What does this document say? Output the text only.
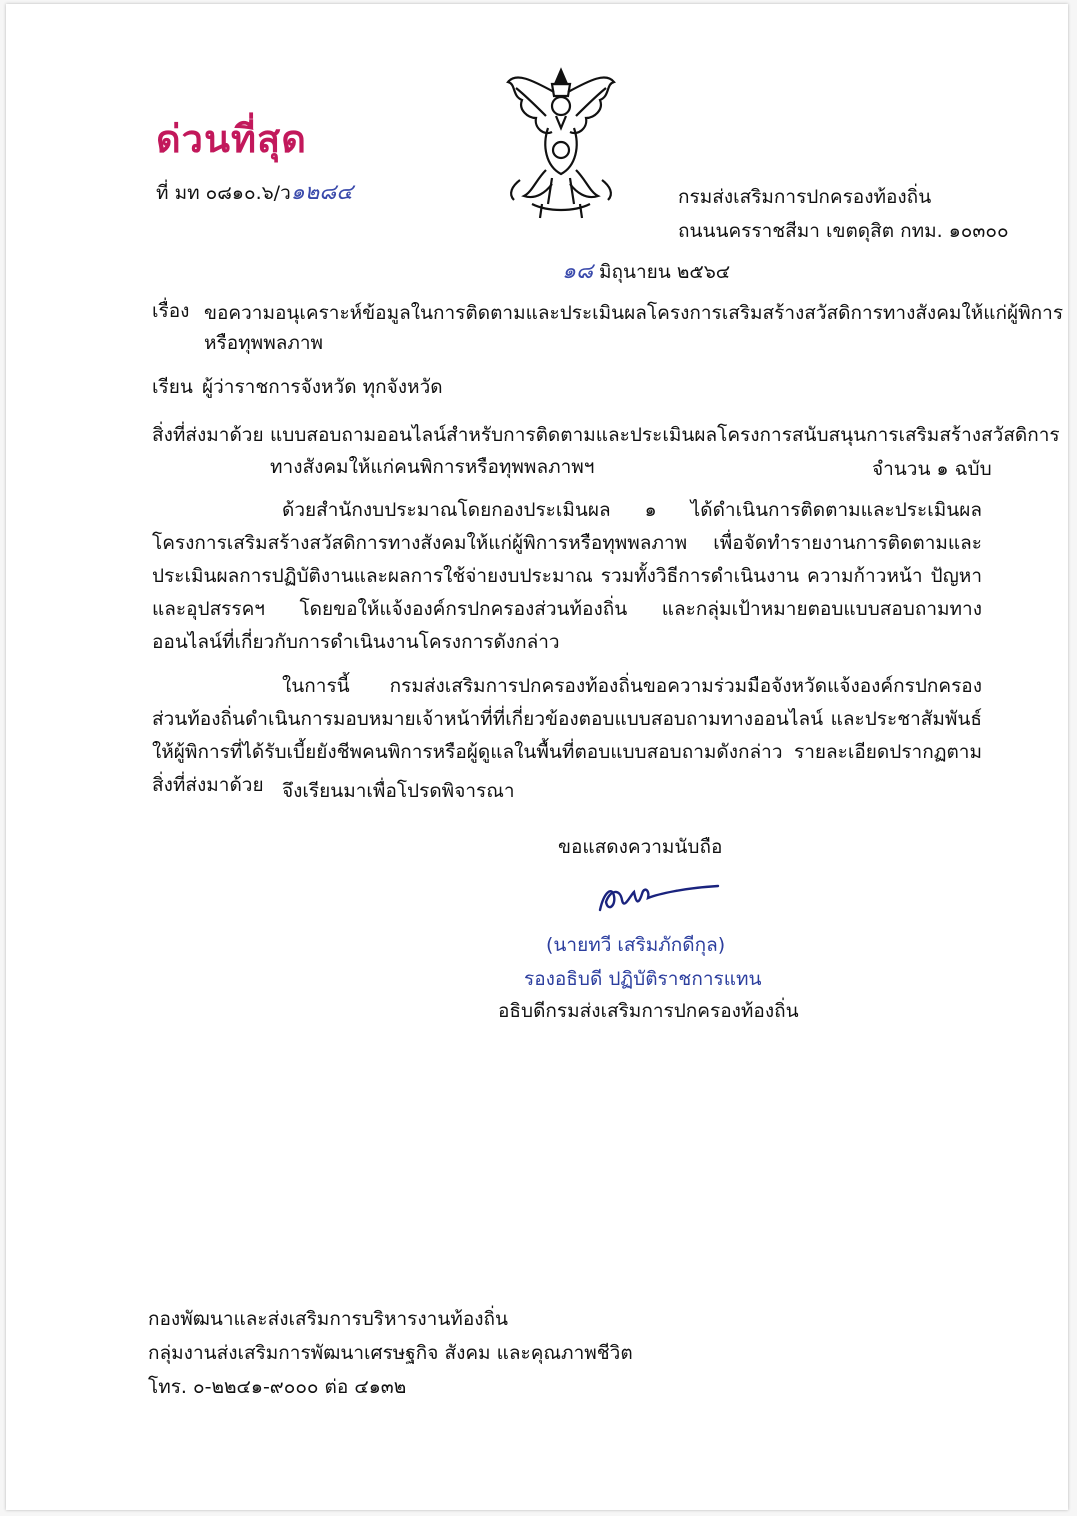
ด่วนที่สุด
ที่ มท ๐๘๑๐.๖/ว๑๒๘๔	กรมส่งเสริมการปกครองท้องถิ่น
ถนนนครราชสีมา เขตดุสิต กทม. ๑๐๓๐๐
๑๘ มิถุนายน ๒๕๖๔
เรื่อง ขอความอนุเคราะห์ข้อมูลในการติดตามและประเมินผลโครงการเสริมสร้างสวัสดิการทางสังคมให้แก่ผู้พิการ
หรือทุพพลภาพ
เรียน ผู้ว่าราชการจังหวัด ทุกจังหวัด
สิ่งที่ส่งมาด้วย แบบสอบถามออนไลน์สำหรับการติดตามและประเมินผลโครงการสนับสนุนการเสริมสร้างสวัสดิการ
ทางสังคมให้แก่คนพิการหรือทุพพลภาพฯ	จำนวน ๑ ฉบับ
ด้วยสำนักงบประมาณโดยกองประเมินผล ๑ ได้ดำเนินการติดตามและประเมินผลโครงการเสริมสร้างสวัสดิการทางสังคมให้แก่ผู้พิการหรือทุพพลภาพ เพื่อจัดทำรายงานการติดตามและประเมินผลการปฏิบัติงานและผลการใช้จ่ายงบประมาณ รวมทั้งวิธีการดำเนินงาน ความก้าวหน้า ปัญหาและอุปสรรคฯ โดยขอให้แจ้งองค์กรปกครองส่วนท้องถิ่น และกลุ่มเป้าหมายตอบแบบสอบถามทางออนไลน์ที่เกี่ยวกับการดำเนินงานโครงการดังกล่าว
ในการนี้ กรมส่งเสริมการปกครองท้องถิ่นขอความร่วมมือจังหวัดแจ้งองค์กรปกครองส่วนท้องถิ่นดำเนินการมอบหมายเจ้าหน้าที่ที่เกี่ยวข้องตอบแบบสอบถามทางออนไลน์ และประชาสัมพันธ์ให้ผู้พิการที่ได้รับเบี้ยยังชีพคนพิการหรือผู้ดูแลในพื้นที่ตอบแบบสอบถามดังกล่าว รายละเอียดปรากฏตามสิ่งที่ส่งมาด้วย จึงเรียนมาเพื่อโปรดพิจารณา
ขอแสดงความนับถือ
(นายทวี เสริมภักดีกุล)
รองอธิบดี ปฏิบัติราชการแทน
อธิบดีกรมส่งเสริมการปกครองท้องถิ่น
กองพัฒนาและส่งเสริมการบริหารงานท้องถิ่น
กลุ่มงานส่งเสริมการพัฒนาเศรษฐกิจ สังคม และคุณภาพชีวิต
โทร. ๐-๒๒๔๑-๙๐๐๐ ต่อ ๔๑๓๒
